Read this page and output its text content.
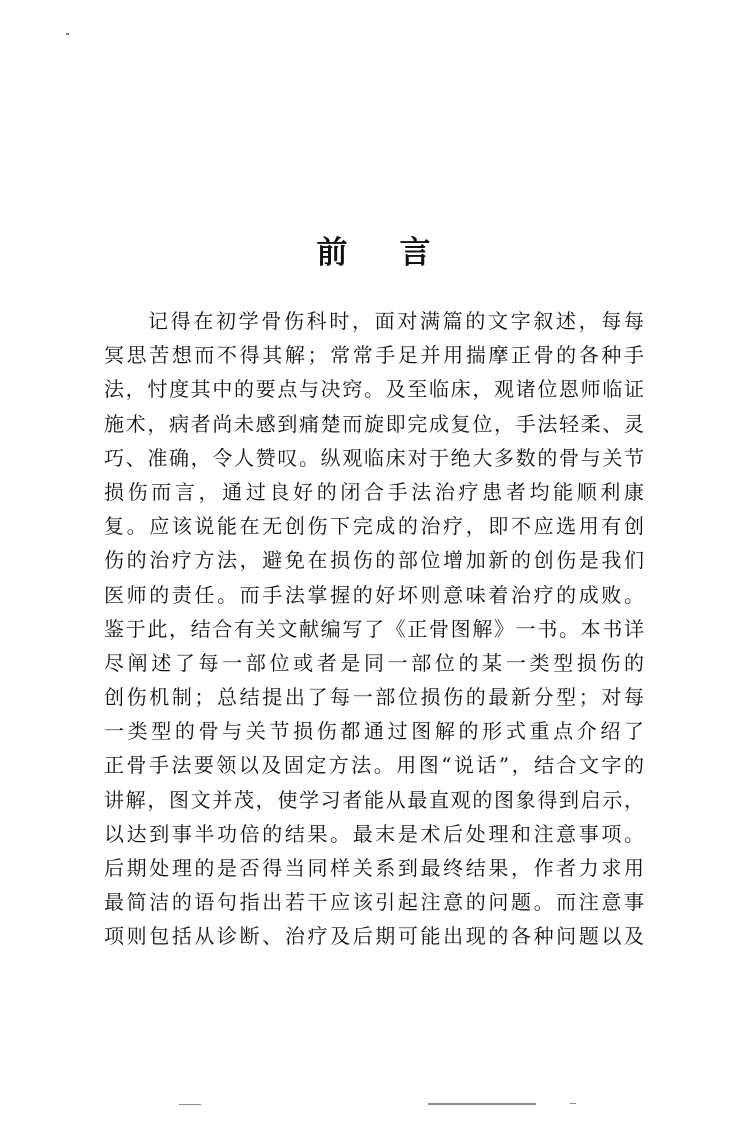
前 言
记得在初学骨伤科时，面对满篇的文字叙述，每每
冥思苦想而不得其解；常常手足并用揣摩正骨的各种手
法，忖度其中的要点与决窍。及至临床，观诸位恩师临证
施术，病者尚未感到痛楚而旋即完成复位，手法轻柔、灵
巧、准确，令人赞叹。纵观临床对于绝大多数的骨与关节
损伤而言，通过良好的闭合手法治疗患者均能顺利康
复。应该说能在无创伤下完成的治疗，即不应选用有创
伤的治疗方法，避免在损伤的部位增加新的创伤是我们
医师的责任。而手法掌握的好坏则意味着治疗的成败。
鉴于此，结合有关文献编写了《正骨图解》一书。本书详
尽阐述了每一部位或者是同一部位的某一类型损伤的
创伤机制；总结提出了每一部位损伤的最新分型；对每
一类型的骨与关节损伤都通过图解的形式重点介绍了
正骨手法要领以及固定方法。用图“说话”，结合文字的
讲解，图文并茂，使学习者能从最直观的图象得到启示，
以达到事半功倍的结果。最末是术后处理和注意事项。
后期处理的是否得当同样关系到最终结果，作者力求用
最简洁的语句指出若干应该引起注意的问题。而注意事
项则包括从诊断、治疗及后期可能出现的各种问题以及
